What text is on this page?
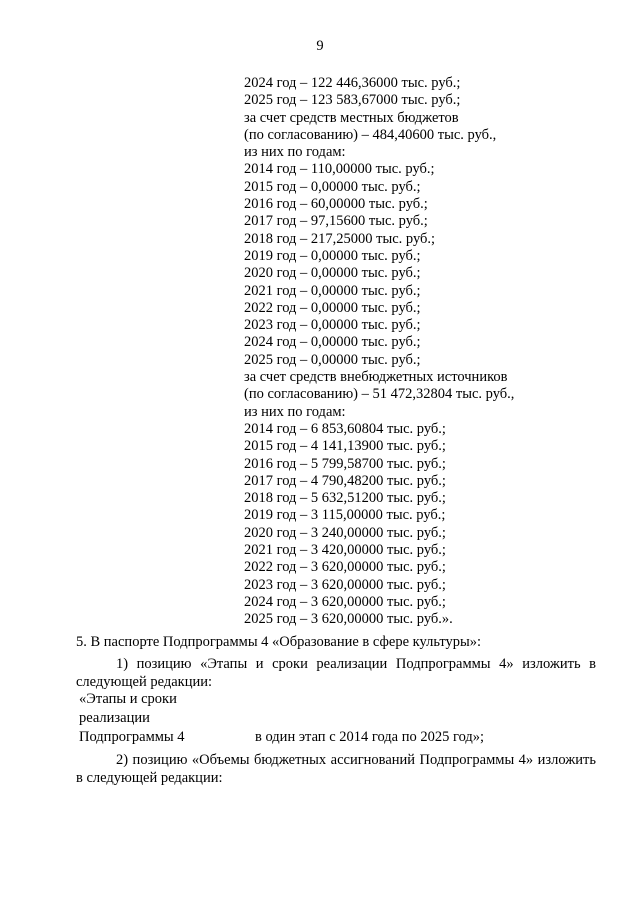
9
2024 год – 122 446,36000 тыс. руб.;
2025 год – 123 583,67000 тыс. руб.;
за счет средств местных бюджетов
(по согласованию) – 484,40600 тыс. руб.,
из них по годам:
2014 год – 110,00000 тыс. руб.;
2015 год – 0,00000 тыс. руб.;
2016 год – 60,00000 тыс. руб.;
2017 год – 97,15600 тыс. руб.;
2018 год – 217,25000 тыс. руб.;
2019 год – 0,00000 тыс. руб.;
2020 год – 0,00000 тыс. руб.;
2021 год – 0,00000 тыс. руб.;
2022 год – 0,00000 тыс. руб.;
2023 год – 0,00000 тыс. руб.;
2024 год – 0,00000 тыс. руб.;
2025 год – 0,00000 тыс. руб.;
за счет средств внебюджетных источников
(по согласованию) – 51 472,32804 тыс. руб.,
из них по годам:
2014 год – 6 853,60804 тыс. руб.;
2015 год – 4 141,13900 тыс. руб.;
2016 год – 5 799,58700 тыс. руб.;
2017 год – 4 790,48200 тыс. руб.;
2018 год – 5 632,51200 тыс. руб.;
2019 год – 3 115,00000 тыс. руб.;
2020 год – 3 240,00000 тыс. руб.;
2021 год – 3 420,00000 тыс. руб.;
2022 год – 3 620,00000 тыс. руб.;
2023 год – 3 620,00000 тыс. руб.;
2024 год – 3 620,00000 тыс. руб.;
2025 год – 3 620,00000 тыс. руб.».
5. В паспорте Подпрограммы 4 «Образование в сфере культуры»:
1) позицию «Этапы и сроки реализации Подпрограммы 4» изложить в следующей редакции:
«Этапы и сроки
реализации
Подпрограммы 4	в один этап с 2014 года по 2025 год»;
2) позицию «Объемы бюджетных ассигнований Подпрограммы 4» изложить в следующей редакции:
